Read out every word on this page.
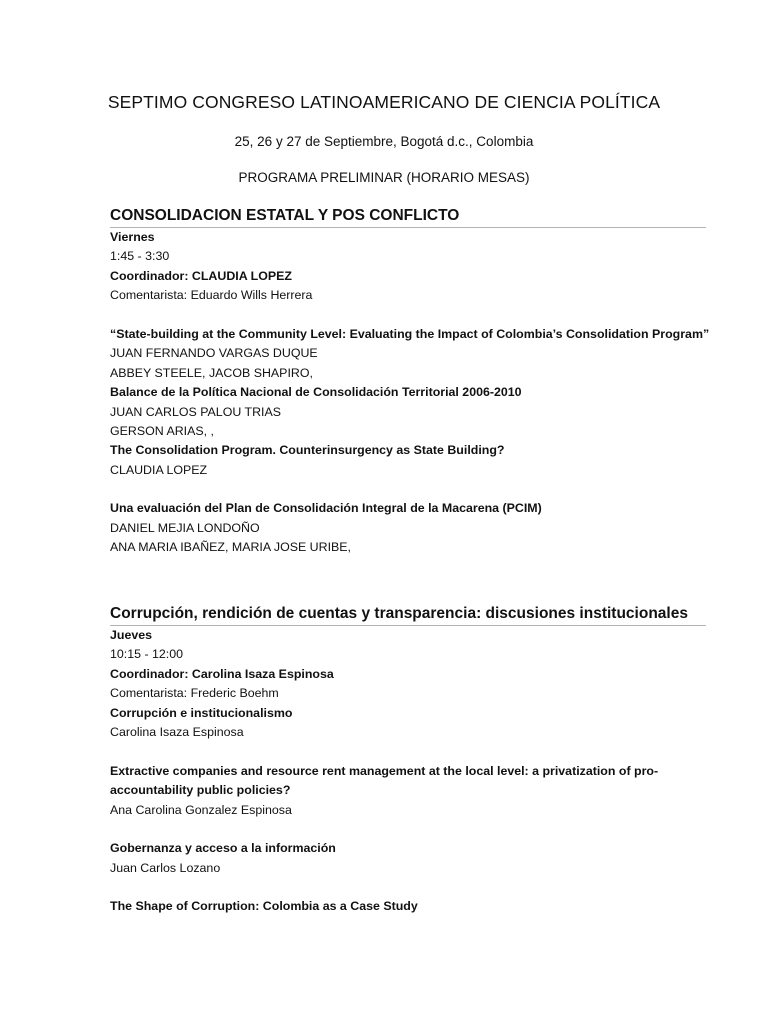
SEPTIMO CONGRESO LATINOAMERICANO DE CIENCIA POLÍTICA
25, 26 y 27 de Septiembre, Bogotá d.c., Colombia
PROGRAMA PRELIMINAR (HORARIO MESAS)
CONSOLIDACION ESTATAL Y POS CONFLICTO
Viernes
1:45 - 3:30
Coordinador: CLAUDIA LOPEZ
Comentarista: Eduardo Wills Herrera
“State-building at the Community Level: Evaluating the Impact of Colombia’s Consolidation Program”
JUAN FERNANDO VARGAS DUQUE
ABBEY STEELE, JACOB SHAPIRO,
Balance de la Política Nacional de Consolidación Territorial 2006-2010
JUAN CARLOS PALOU TRIAS
GERSON ARIAS, ,
The Consolidation Program. Counterinsurgency as State Building?
CLAUDIA LOPEZ
Una evaluación del Plan de Consolidación Integral de la Macarena (PCIM)
DANIEL MEJIA LONDOÑO
ANA MARIA IBAÑEZ, MARIA JOSE URIBE,
Corrupción, rendición de cuentas y transparencia: discusiones institucionales
Jueves
10:15 - 12:00
Coordinador: Carolina Isaza Espinosa
Comentarista: Frederic Boehm
Corrupción e institucionalismo
Carolina Isaza Espinosa
Extractive companies and resource rent management at the local level: a privatization of pro-
accountability public policies?
Ana Carolina Gonzalez Espinosa
Gobernanza y acceso a la información
Juan Carlos Lozano
The Shape of Corruption: Colombia as a Case Study
